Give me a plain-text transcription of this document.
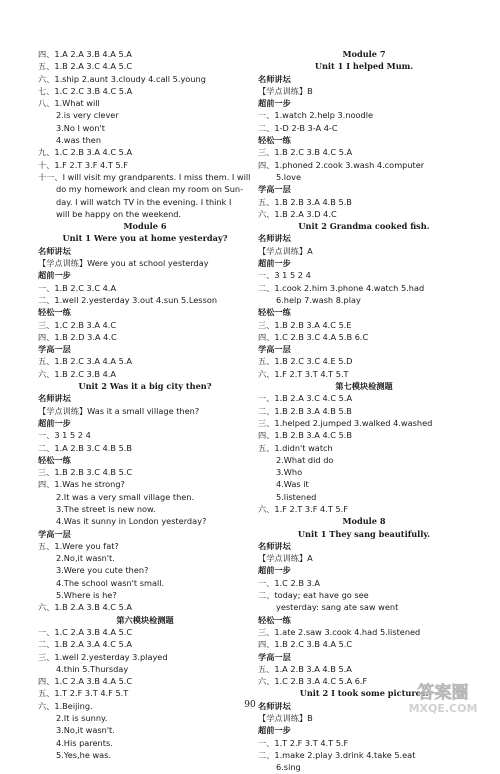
四、1.A 2.A 3.B 4.A 5.A
五、1.B 2.A 3.C 4.A 5.C
六、1.ship 2.aunt 3.cloudy 4.call 5.young
七、1.C 2.C 3.B 4.C 5.A
八、1.What will
2.is very clever
3.No I won't
4.was then
九、1.C 2.B 3.A 4.C 5.A
十、1.F 2.T 3.F 4.T 5.F
十一、I will visit my grandparents. I miss them. I will
do my homework and clean my room on Sun-
day. I will watch TV in the evening. I think I
will be happy on the weekend.
Module 6
Unit 1 Were you at home yesterday?
名师讲坛
【学点训练】Were you at school yesterday
超前一步
一、1.B 2.C 3.C 4.A
二、1.well 2.yesterday 3.out 4.sun 5.Lesson
轻松一练
三、1.C 2.B 3.A 4.C
四、1.B 2.D 3.A 4.C
学高一层
五、1.B 2.C 3.A 4.A 5.A
六、1.B 2.C 3.B 4.A
Unit 2 Was it a big city then?
名师讲坛
【学点训练】Was it a small village then?
超前一步
一、3 1 5 2 4
二、1.A 2.B 3.C 4.B 5.B
轻松一练
三、1.B 2.B 3.C 4.B 5.C
四、1.Was he strong?
2.It was a very small village then.
3.The street is new now.
4.Was it sunny in London yesterday?
学高一层
五、1.Were you fat?
2.No,it wasn't.
3.Were you cute then?
4.The school wasn't small.
5.Where is he?
六、1.B 2.A 3.B 4.C 5.A
第六模块检测题
一、1.C 2.A 3.B 4.A 5.C
二、1.B 2.A 3.A 4.C 5.A
三、1.well 2.yesterday 3.played
4.thin 5.Thursday
四、1.C 2.A 3.B 4.A 5.C
五、1.T 2.F 3.T 4.F 5.T
六、1.Beijing.
2.It is sunny.
3.No,it wasn't.
4.His parents.
5.Yes,he was.
Module 7
Unit 1 I helped Mum.
名师讲坛
【学点训练】B
超前一步
一、1.watch 2.help 3.noodle
二、1-D 2-B 3-A 4-C
轻松一练
三、1.B 2.C 3.B 4.C 5.A
四、1.phoned 2.cook 3.wash 4.computer
5.love
学高一层
五、1.B 2.B 3.A 4.B 5.B
六、1.B 2.A 3.D 4.C
Unit 2 Grandma cooked fish.
名师讲坛
【学点训练】A
超前一步
一、3 1 5 2 4
二、1.cook 2.him 3.phone 4.watch 5.had
6.help 7.wash 8.play
轻松一练
三、1.B 2.B 3.A 4.C 5.E
四、1.C 2.B 3.C 4.A 5.B 6.C
学高一层
五、1.B 2.C 3.C 4.E 5.D
六、1.F 2.T 3.T 4.T 5.T
第七模块检测题
一、1.B 2.A 3.C 4.C 5.A
二、1.B 2.B 3.A 4.B 5.B
三、1.helped 2.jumped 3.walked 4.washed
四、1.B 2.B 3.A 4.C 5.B
五、1.didn't watch
2.What did do
3.Who
4.Was it
5.listened
六、1.F 2.T 3.F 4.T 5.F
Module 8
Unit 1 They sang beautifully.
名师讲坛
【学点训练】A
超前一步
一、1.C 2.B 3.A
二、today; eat have go see
yesterday: sang ate saw went
轻松一练
三、1.ate 2.saw 3.cook 4.had 5.listened
四、1.B 2.C 3.B 4.A 5.C
学高一层
五、1.A 2.B 3.A 4.B 5.A
六、1.C 2.B 3.A 4.C 5.A 6.F
Unit 2 I took some pictures.
名师讲坛
【学点训练】B
超前一步
一、1.T 2.F 3.T 4.T 5.F
二、1.make 2.play 3.drink 4.take 5.eat
6.sing
90
答案圈
MXQE.COM
